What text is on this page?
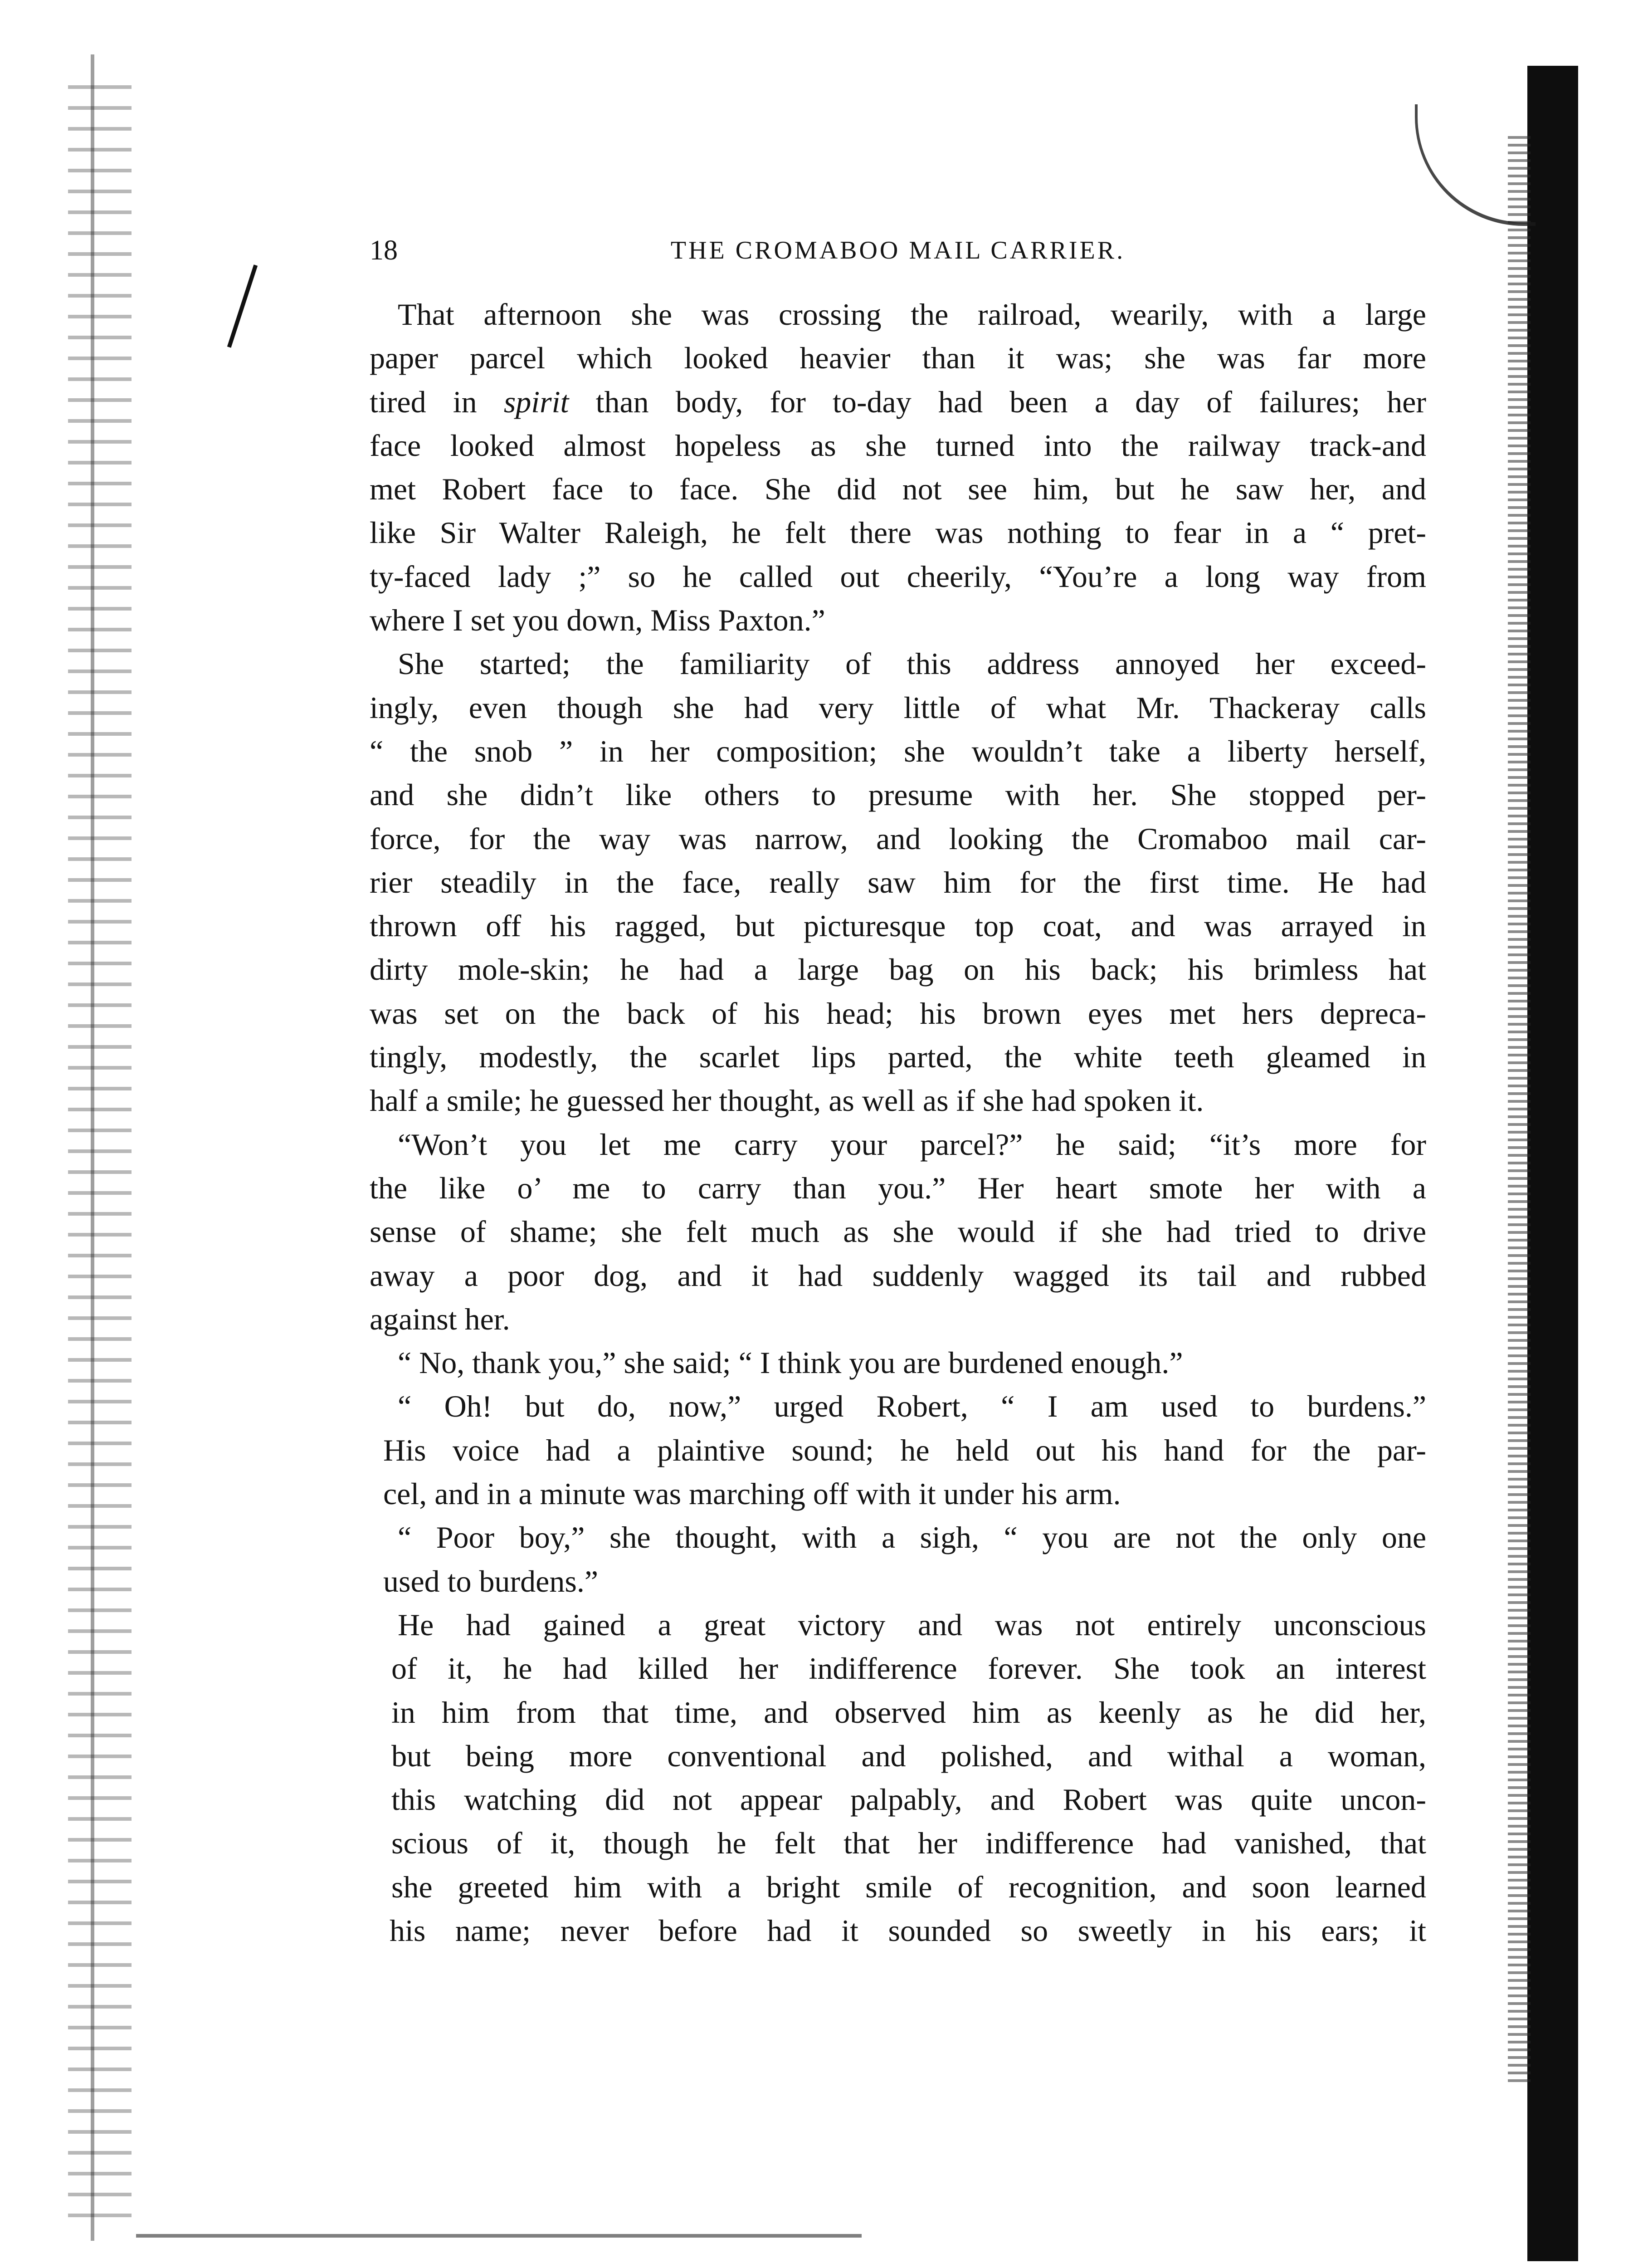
18	THE CROMABOO MAIL CARRIER.
That afternoon she was crossing the railroad, wearily, with a large
paper parcel which looked heavier than it was; she was far more
tired in spirit than body, for to-day had been a day of failures; her
face looked almost hopeless as she turned into the railway track-and
met Robert face to face. She did not see him, but he saw her, and
like Sir Walter Raleigh, he felt there was nothing to fear in a “ pret-
ty-faced lady ;” so he called out cheerily, “You’re a long way from
where I set you down, Miss Paxton.”
She started; the familiarity of this address annoyed her exceed-
ingly, even though she had very little of what Mr. Thackeray calls
“ the snob ” in her composition; she wouldn’t take a liberty herself,
and she didn’t like others to presume with her. She stopped per-
force, for the way was narrow, and looking the Cromaboo mail car-
rier steadily in the face, really saw him for the first time. He had
thrown off his ragged, but picturesque top coat, and was arrayed in
dirty mole-skin; he had a large bag on his back; his brimless hat
was set on the back of his head; his brown eyes met hers depreca-
tingly, modestly, the scarlet lips parted, the white teeth gleamed in
half a smile; he guessed her thought, as well as if she had spoken it.
“Won’t you let me carry your parcel?” he said; “it’s more for
the like o’ me to carry than you.” Her heart smote her with a
sense of shame; she felt much as she would if she had tried to drive
away a poor dog, and it had suddenly wagged its tail and rubbed
against her.
“ No, thank you,” she said; “ I think you are burdened enough.”
“ Oh! but do, now,” urged Robert, “ I am used to burdens.”
His voice had a plaintive sound; he held out his hand for the par-
cel, and in a minute was marching off with it under his arm.
“ Poor boy,” she thought, with a sigh, “ you are not the only one
used to burdens.”
He had gained a great victory and was not entirely unconscious
of it, he had killed her indifference forever. She took an interest
in him from that time, and observed him as keenly as he did her,
but being more conventional and polished, and withal a woman,
this watching did not appear palpably, and Robert was quite uncon-
scious of it, though he felt that her indifference had vanished, that
she greeted him with a bright smile of recognition, and soon learned
his name; never before had it sounded so sweetly in his ears; it
